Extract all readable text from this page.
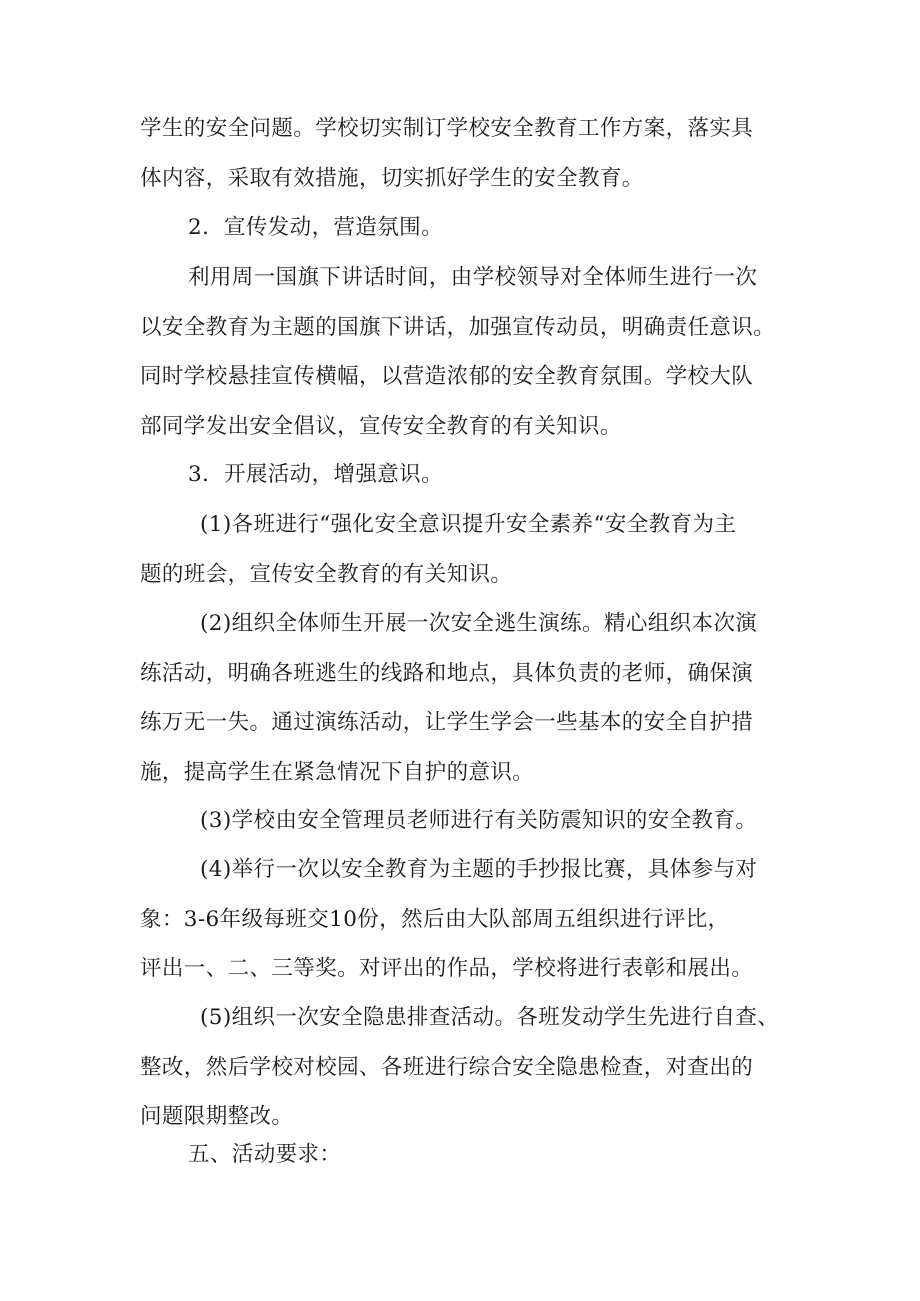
学生的安全问题。学校切实制订学校安全教育工作方案，落实具
体内容，采取有效措施，切实抓好学生的安全教育。

2．宣传发动，营造氛围。

利用周一国旗下讲话时间，由学校领导对全体师生进行一次
以安全教育为主题的国旗下讲话，加强宣传动员，明确责任意识。
同时学校悬挂宣传横幅，以营造浓郁的安全教育氛围。学校大队
部同学发出安全倡议，宣传安全教育的有关知识。

3．开展活动，增强意识。

(1)各班进行“强化安全意识提升安全素养“安全教育为主
题的班会，宣传安全教育的有关知识。

(2)组织全体师生开展一次安全逃生演练。精心组织本次演
练活动，明确各班逃生的线路和地点，具体负责的老师，确保演
练万无一失。通过演练活动，让学生学会一些基本的安全自护措
施，提高学生在紧急情况下自护的意识。

(3)学校由安全管理员老师进行有关防震知识的安全教育。

(4)举行一次以安全教育为主题的手抄报比赛，具体参与对
象：3-6年级每班交10份，然后由大队部周五组织进行评比，
评出一、二、三等奖。对评出的作品，学校将进行表彰和展出。

(5)组织一次安全隐患排查活动。各班发动学生先进行自查、
整改，然后学校对校园、各班进行综合安全隐患检查，对查出的
问题限期整改。

五、活动要求：
